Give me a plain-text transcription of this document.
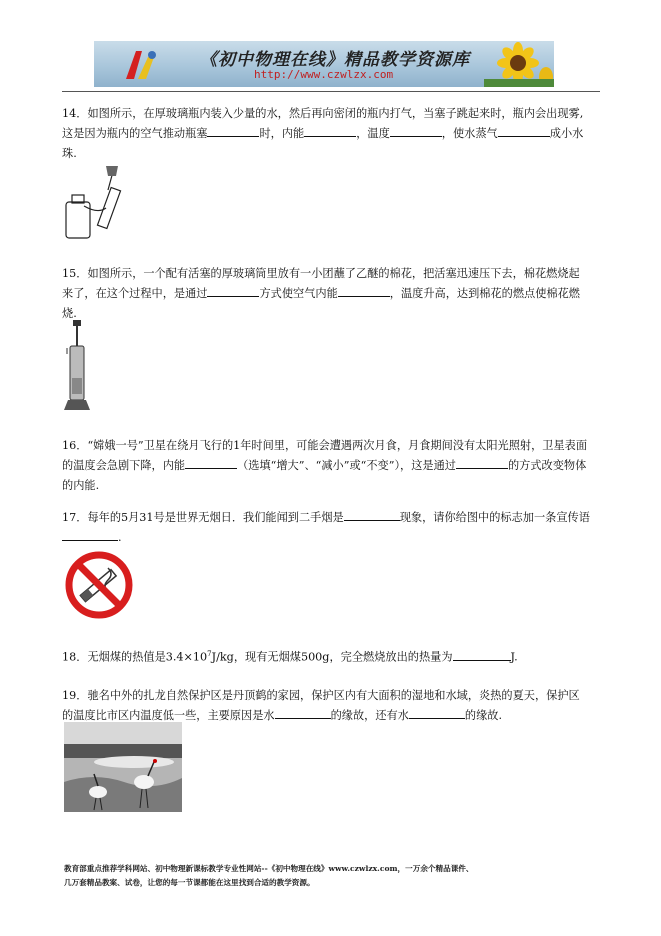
《初中物理在线》精品教学资源库
http://www.czwlzx.com
14．如图所示，在厚玻璃瓶内装入少量的水，然后再向密闭的瓶内打气，当塞子跳起来时，瓶内会出现雾,这是因为瓶内的空气推动瓶塞	时，内能	，温度	，使水蒸气	成小水珠.
15．如图所示，一个配有活塞的厚玻璃筒里放有一小团蘸了乙醚的棉花，把活塞迅速压下去，棉花燃烧起来了，在这个过程中，是通过	方式使空气内能	，温度升高，达到棉花的燃点使棉花燃烧.
16．“嫦娥一号”卫星在绕月飞行的1年时间里，可能会遭遇两次月食，月食期间没有太阳光照射，卫星表面的温度会急剧下降，内能	（选填“增大”、“减小”或“不变”），这是通过	的方式改变物体的内能.
17．每年的5月31号是世界无烟日．我们能闻到二手烟是	现象，请你给图中的标志加一条宣传语.
18．无烟煤的热值是$3.4\times 10^7J/kg$，现有无烟煤500g，完全燃烧放出的热量为	J.
19．驰名中外的扎龙自然保护区是丹顶鹤的家园，保护区内有大面积的湿地和水域，炎热的夏天，保护区的温度比市区内温度低一些，主要原因是水	的缘故，还有水	的缘故.
教育部重点推荐学科网站、初中物理新课标教学专业性网站--《初中物理在线》www.czwlzx.com，一万余个精品课件、
几万套精品教案、试卷，让您的每一节课都能在这里找到合适的教学资源。
